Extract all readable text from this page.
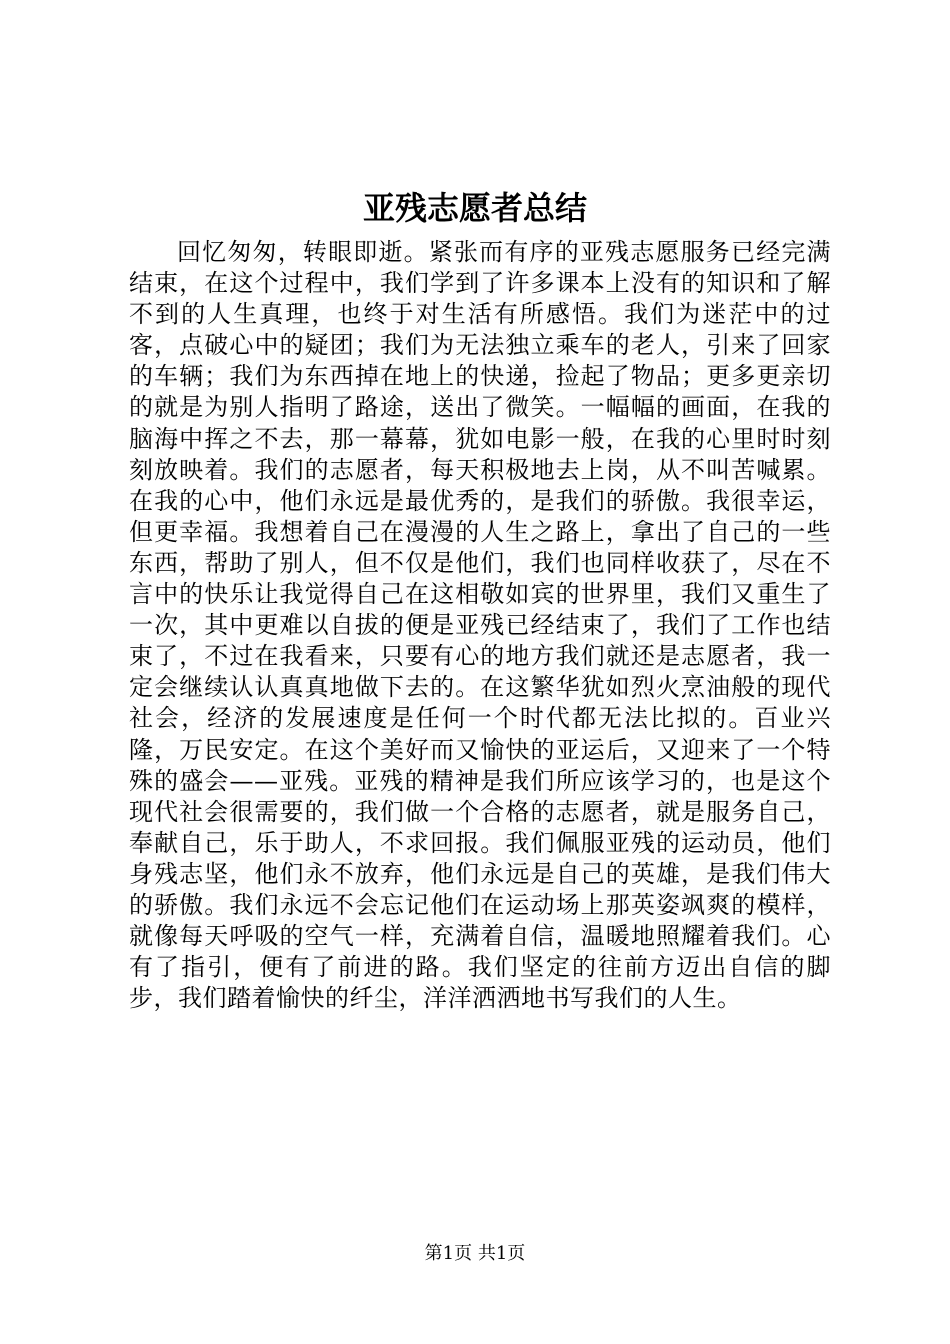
亚残志愿者总结

回忆匆匆，转眼即逝。紧张而有序的亚残志愿服务已经完满结束，在这个过程中，我们学到了许多课本上没有的知识和了解不到的人生真理，也终于对生活有所感悟。我们为迷茫中的过客，点破心中的疑团；我们为无法独立乘车的老人，引来了回家的车辆；我们为东西掉在地上的快递，捡起了物品；更多更亲切的就是为别人指明了路途，送出了微笑。一幅幅的画面，在我的脑海中挥之不去，那一幕幕，犹如电影一般，在我的心里时时刻刻放映着。我们的志愿者，每天积极地去上岗，从不叫苦喊累。在我的心中，他们永远是最优秀的，是我们的骄傲。我很幸运，但更幸福。我想着自己在漫漫的人生之路上，拿出了自己的一些东西，帮助了别人，但不仅是他们，我们也同样收获了，尽在不言中的快乐让我觉得自己在这相敬如宾的世界里，我们又重生了一次，其中更难以自拔的便是亚残已经结束了，我们了工作也结束了，不过在我看来，只要有心的地方我们就还是志愿者，我一定会继续认认真真地做下去的。在这繁华犹如烈火烹油般的现代社会，经济的发展速度是任何一个时代都无法比拟的。百业兴隆，万民安定。在这个美好而又愉快的亚运后，又迎来了一个特殊的盛会——亚残。亚残的精神是我们所应该学习的，也是这个现代社会很需要的，我们做一个合格的志愿者，就是服务自己，奉献自己，乐于助人，不求回报。我们佩服亚残的运动员，他们身残志坚，他们永不放弃，他们永远是自己的英雄，是我们伟大的骄傲。我们永远不会忘记他们在运动场上那英姿飒爽的模样，就像每天呼吸的空气一样，充满着自信，温暖地照耀着我们。心有了指引，便有了前进的路。我们坚定的往前方迈出自信的脚步，我们踏着愉快的纤尘，洋洋洒洒地书写我们的人生。

第1页 共1页
